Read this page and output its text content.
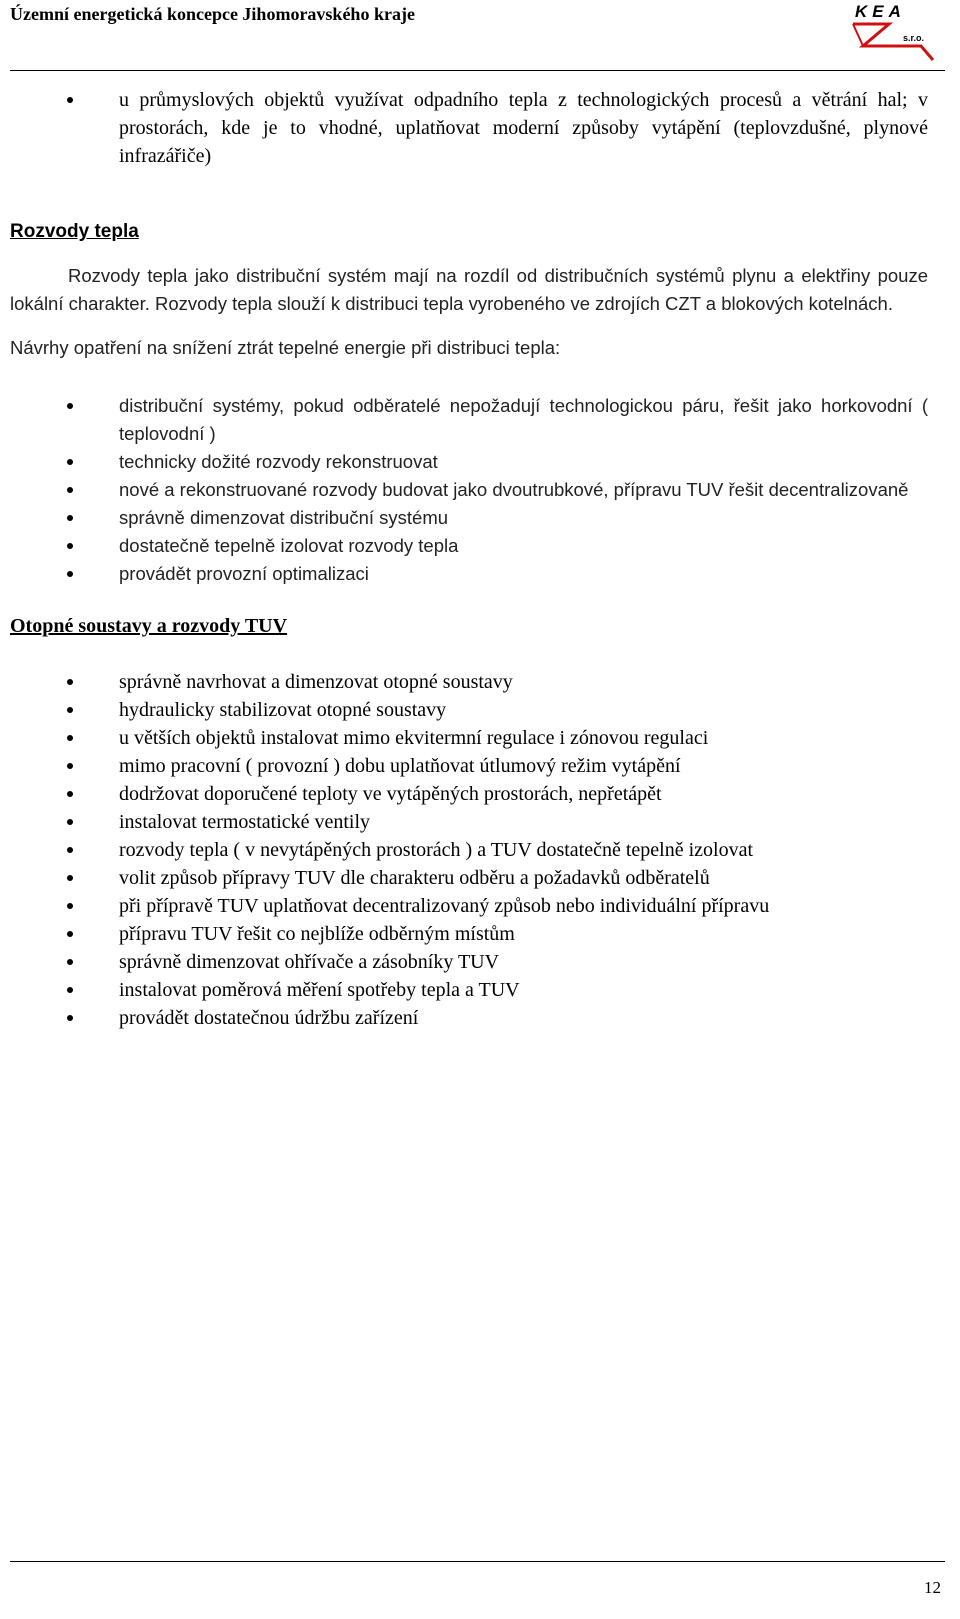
Územní energetická koncepce Jihomoravského kraje	KEA
s.r.o.
u průmyslových objektů využívat odpadního tepla z technologických procesů a větrání hal; v prostorách, kde je to vhodné, uplatňovat moderní způsoby vytápění (teplovzdušné, plynové infrazářiče)

Rozvody tepla

Rozvody tepla jako distribuční systém mají na rozdíl od distribučních systémů plynu a elektřiny pouze lokální charakter. Rozvody tepla slouží k distribuci tepla vyrobeného ve zdrojích CZT a blokových kotelnách.

Návrhy opatření na snížení ztrát tepelné energie při distribuci tepla:

distribuční systémy, pokud odběratelé nepožadují technologickou páru, řešit jako horkovodní ( teplovodní )
technicky dožité rozvody rekonstruovat
nové a rekonstruované rozvody budovat jako dvoutrubkové, přípravu TUV řešit decentralizovaně
správně dimenzovat distribuční systému
dostatečně tepelně izolovat rozvody tepla
provádět provozní optimalizaci

Otopné soustavy a rozvody TUV

správně navrhovat a dimenzovat otopné soustavy
hydraulicky stabilizovat otopné soustavy
u větších objektů instalovat mimo ekvitermní regulace i zónovou regulaci
mimo pracovní ( provozní ) dobu uplatňovat útlumový režim vytápění
dodržovat doporučené teploty ve vytápěných prostorách, nepřetápět
instalovat termostatické ventily
rozvody tepla ( v nevytápěných prostorách ) a TUV dostatečně tepelně izolovat
volit způsob přípravy TUV dle charakteru odběru a požadavků odběratelů
při přípravě TUV uplatňovat decentralizovaný způsob nebo individuální přípravu
přípravu TUV řešit co nejblíže odběrným místům
správně dimenzovat ohřívače a zásobníky TUV
instalovat poměrová měření spotřeby tepla a TUV
provádět dostatečnou údržbu zařízení
12
